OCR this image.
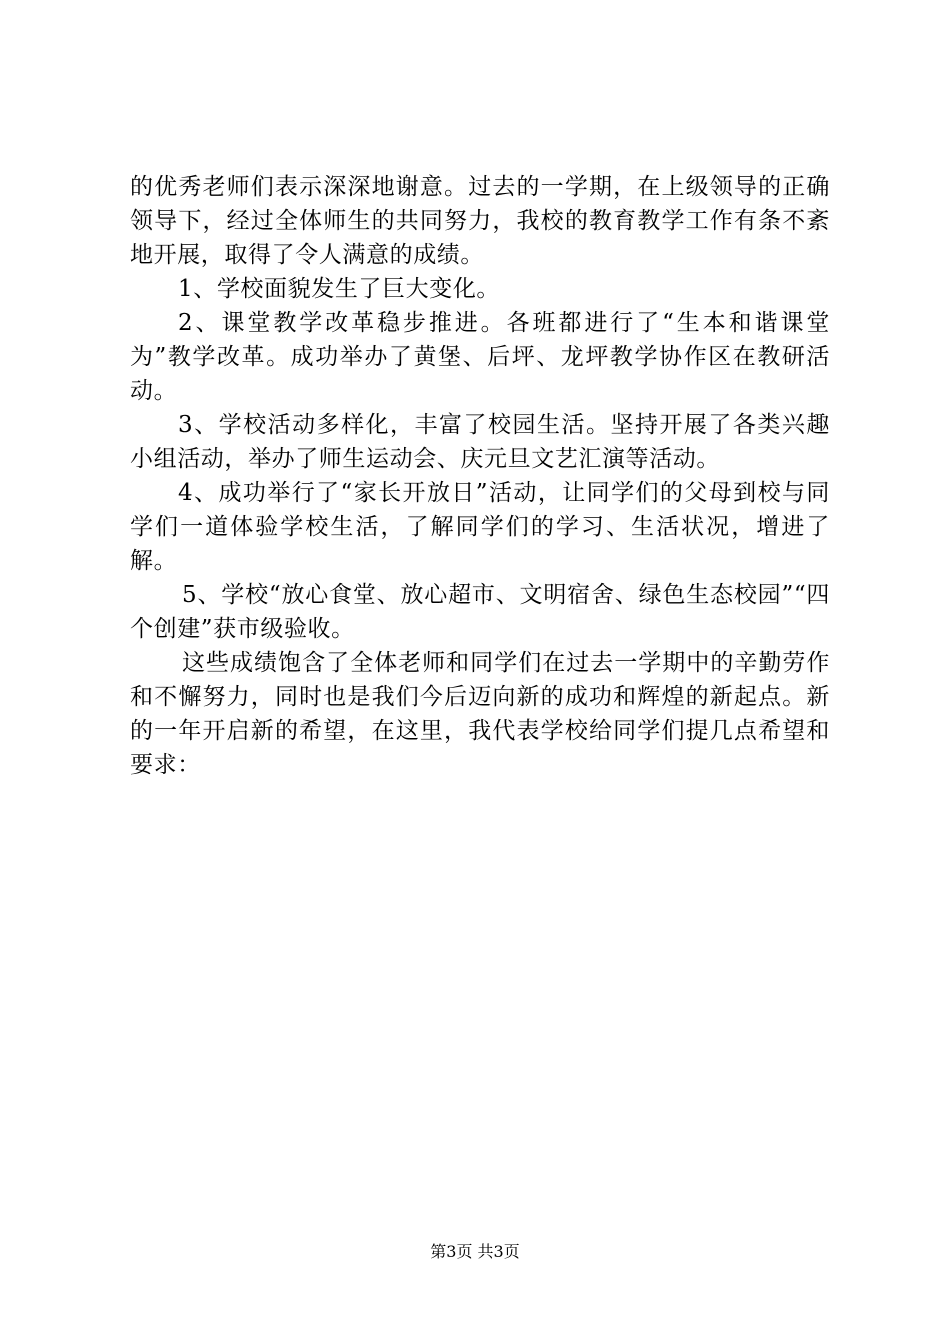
的优秀老师们表示深深地谢意。过去的一学期，在上级领导的正确领导下，经过全体师生的共同努力，我校的教育教学工作有条不紊地开展，取得了令人满意的成绩。

1、学校面貌发生了巨大变化。

2、课堂教学改革稳步推进。各班都进行了“生本和谐课堂为”教学改革。成功举办了黄堡、后坪、龙坪教学协作区在教研活动。

3、学校活动多样化，丰富了校园生活。坚持开展了各类兴趣小组活动，举办了师生运动会、庆元旦文艺汇演等活动。

4、成功举行了“家长开放日”活动，让同学们的父母到校与同学们一道体验学校生活，了解同学们的学习、生活状况，增进了解。

5、学校“放心食堂、放心超市、文明宿舍、绿色生态校园”“四个创建”获市级验收。

这些成绩饱含了全体老师和同学们在过去一学期中的辛勤劳作和不懈努力，同时也是我们今后迈向新的成功和辉煌的新起点。新的一年开启新的希望，在这里，我代表学校给同学们提几点希望和要求：

第3页 共3页
